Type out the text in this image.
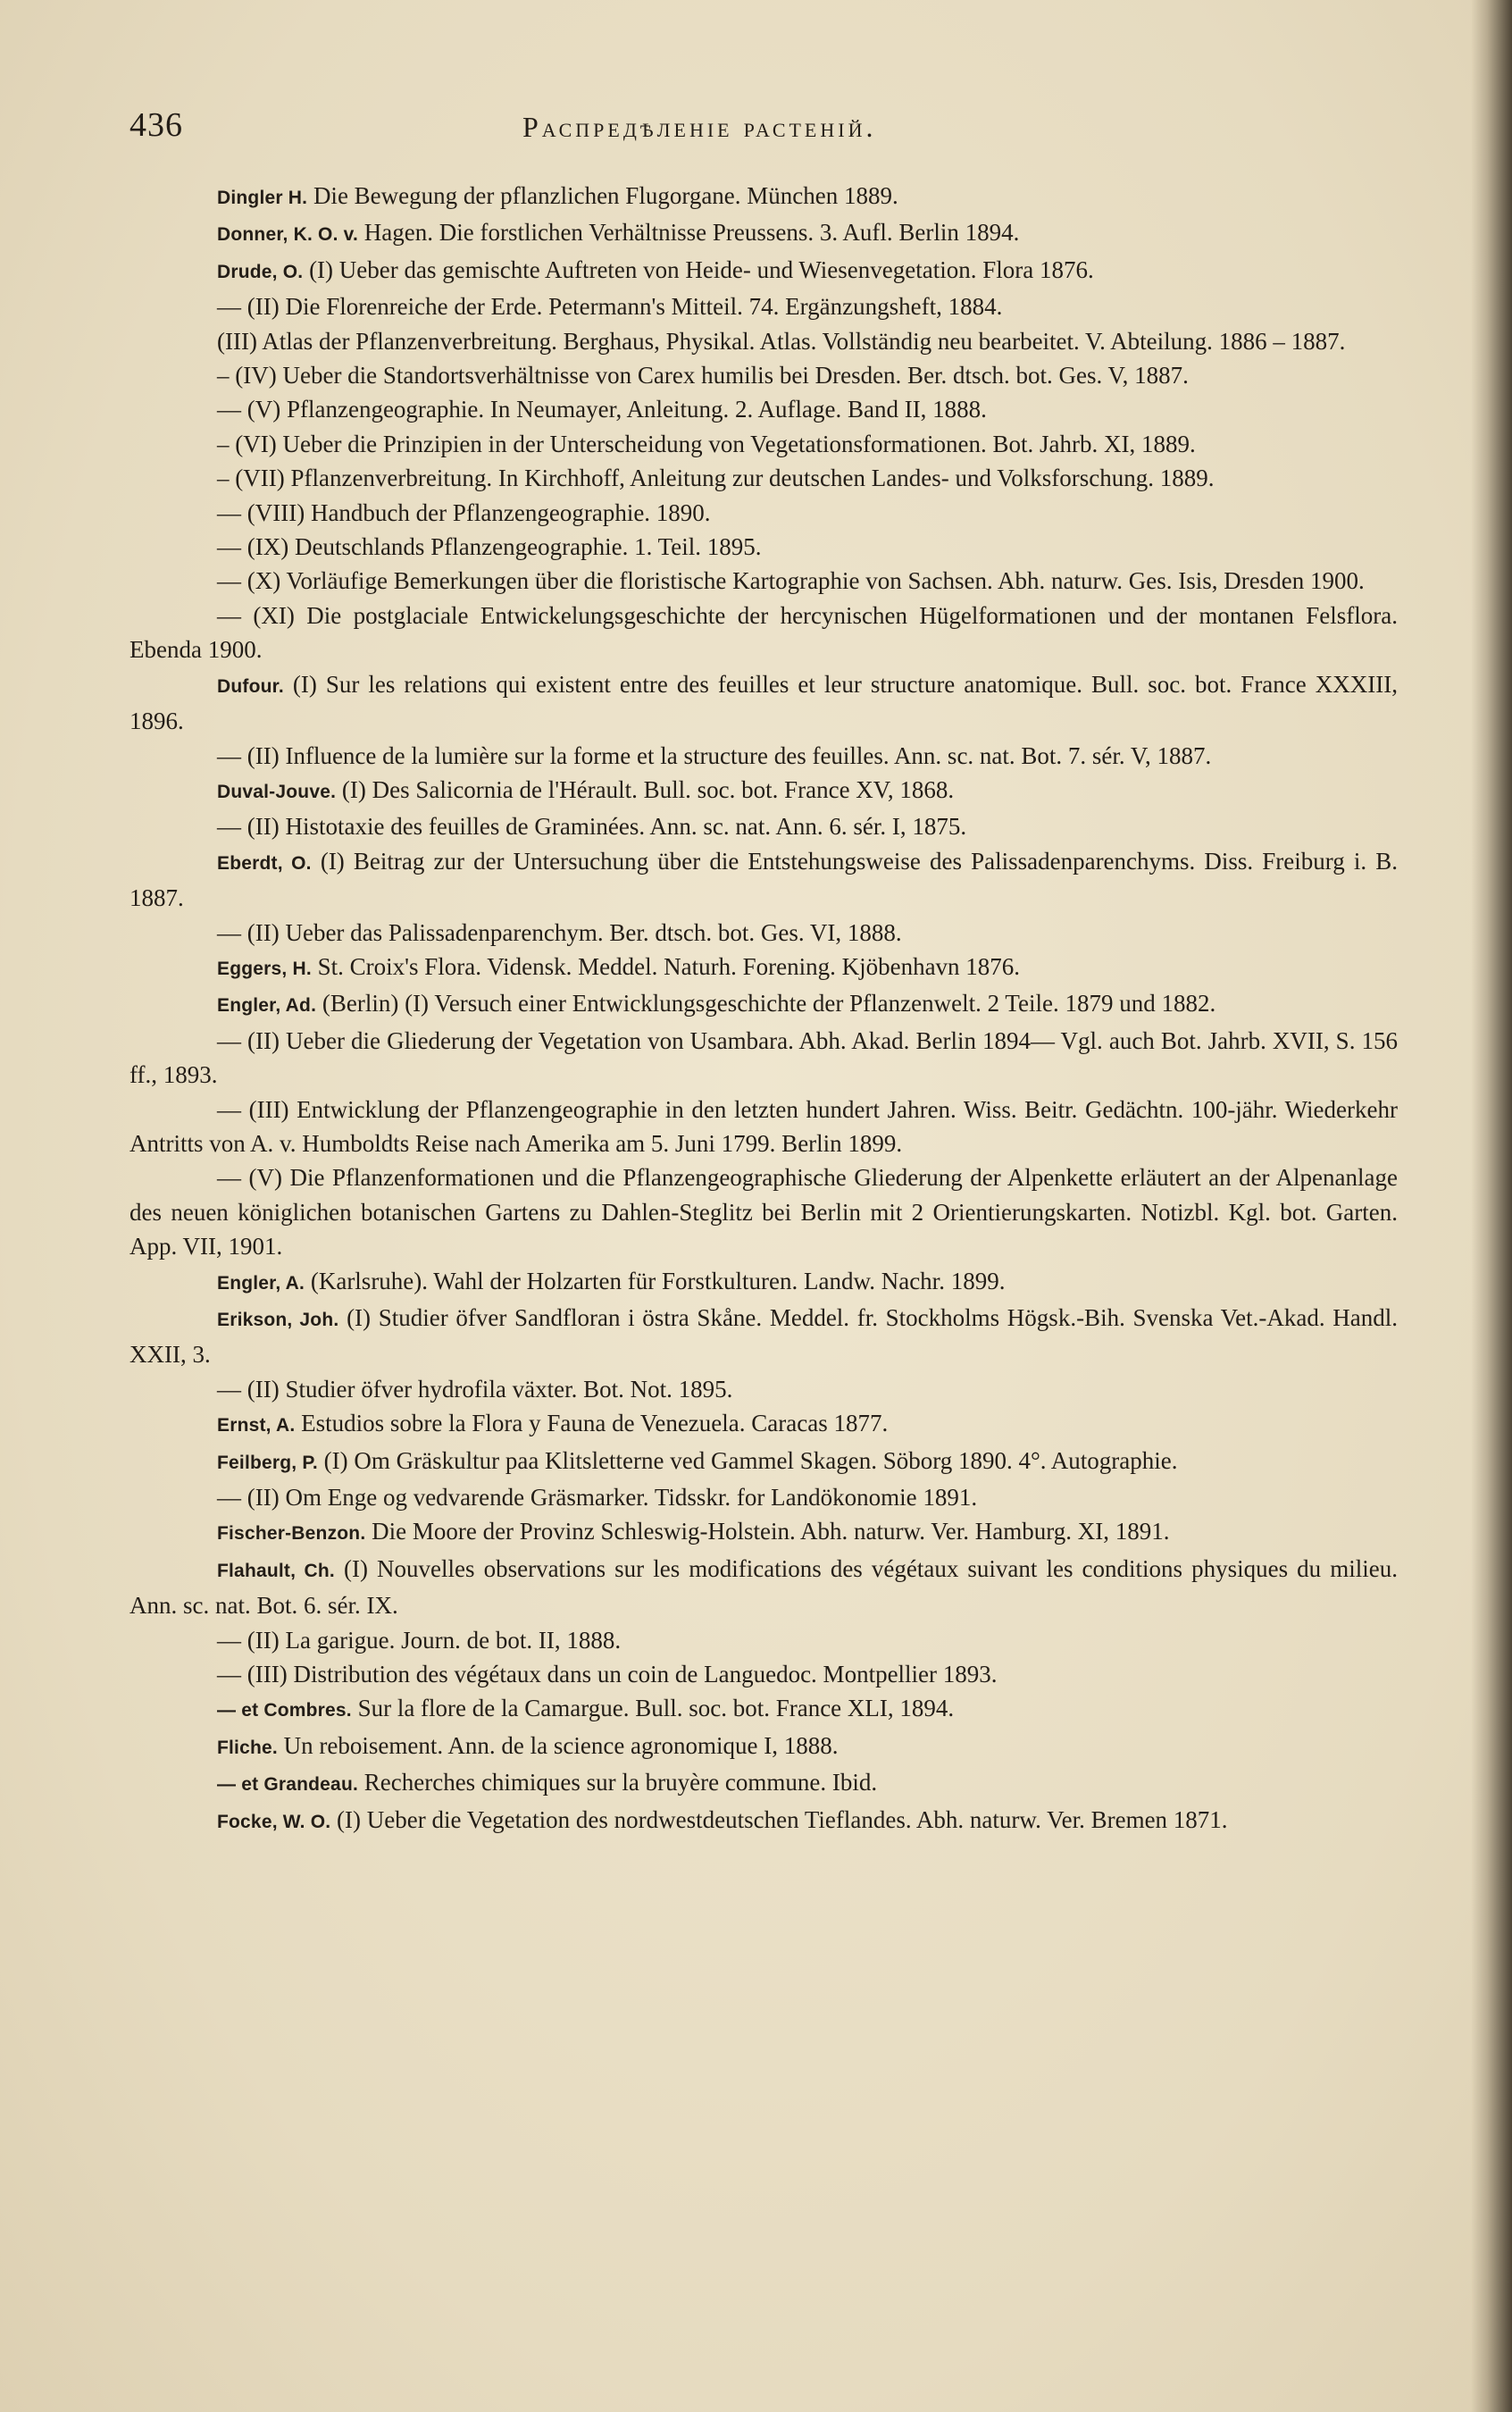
436	Распредѣленіе растеній.

Dingler H. Die Bewegung der pflanzlichen Flugorgane. München 1889.

Donner, K. O. v. Hagen. Die forstlichen Verhältnisse Preussens. 3. Aufl. Berlin 1894.

Drude, O. (I) Ueber das gemischte Auftreten von Heide- und Wiesenvegetation. Flora 1876.

— (II) Die Florenreiche der Erde. Petermann's Mitteil. 74. Ergänzungsheft, 1884.

(III) Atlas der Pflanzenverbreitung. Berghaus, Physikal. Atlas. Vollständig neu bearbeitet. V. Abteilung. 1886 – 1887.

– (IV) Ueber die Standortsverhältnisse von Carex humilis bei Dresden. Ber. dtsch. bot. Ges. V, 1887.

— (V) Pflanzengeographie. In Neumayer, Anleitung. 2. Auflage. Band II, 1888.

– (VI) Ueber die Prinzipien in der Unterscheidung von Vegetationsformationen. Bot. Jahrb. XI, 1889.

– (VII) Pflanzenverbreitung. In Kirchhoff, Anleitung zur deutschen Landes- und Volksforschung. 1889.

— (VIII) Handbuch der Pflanzengeographie. 1890.

— (IX) Deutschlands Pflanzengeographie. 1. Teil. 1895.

— (X) Vorläufige Bemerkungen über die floristische Kartographie von Sachsen. Abh. naturw. Ges. Isis, Dresden 1900.

— (XI) Die postglaciale Entwickelungsgeschichte der hercynischen Hügelformationen und der montanen Felsflora. Ebenda 1900.

Dufour. (I) Sur les relations qui existent entre des feuilles et leur structure anatomique. Bull. soc. bot. France XXXIII, 1896.

— (II) Influence de la lumière sur la forme et la structure des feuilles. Ann. sc. nat. Bot. 7. sér. V, 1887.

Duval-Jouve. (I) Des Salicornia de l'Hérault. Bull. soc. bot. France XV, 1868.

— (II) Histotaxie des feuilles de Graminées. Ann. sc. nat. Ann. 6. sér. I, 1875.

Eberdt, O. (I) Beitrag zur der Untersuchung über die Entstehungsweise des Palissadenparenchyms. Diss. Freiburg i. B. 1887.

— (II) Ueber das Palissadenparenchym. Ber. dtsch. bot. Ges. VI, 1888.

Eggers, H. St. Croix's Flora. Vidensk. Meddel. Naturh. Forening. Kjöbenhavn 1876.

Engler, Ad. (Berlin) (I) Versuch einer Entwicklungsgeschichte der Pflanzenwelt. 2 Teile. 1879 und 1882.

— (II) Ueber die Gliederung der Vegetation von Usambara. Abh. Akad. Berlin 1894— Vgl. auch Bot. Jahrb. XVII, S. 156 ff., 1893.

— (III) Entwicklung der Pflanzengeographie in den letzten hundert Jahren. Wiss. Beitr. Gedächtn. 100-jähr. Wiederkehr Antritts von A. v. Humboldts Reise nach Amerika am 5. Juni 1799. Berlin 1899.

— (V) Die Pflanzenformationen und die Pflanzengeographische Gliederung der Alpenkette erläutert an der Alpenanlage des neuen königlichen botanischen Gartens zu Dahlen-Steglitz bei Berlin mit 2 Orientierungskarten. Notizbl. Kgl. bot. Garten. App. VII, 1901.

Engler, A. (Karlsruhe). Wahl der Holzarten für Forstkulturen. Landw. Nachr. 1899.

Erikson, Joh. (I) Studier öfver Sandfloran i östra Skåne. Meddel. fr. Stockholms Högsk.-Bih. Svenska Vet.-Akad. Handl. XXII, 3.

— (II) Studier öfver hydrofila växter. Bot. Not. 1895.

Ernst, A. Estudios sobre la Flora y Fauna de Venezuela. Caracas 1877.

Feilberg, P. (I) Om Gräskultur paa Klitsletterne ved Gammel Skagen. Söborg 1890. 4°. Autographie.

— (II) Om Enge og vedvarende Gräsmarker. Tidsskr. for Landökonomie 1891.

Fischer-Benzon. Die Moore der Provinz Schleswig-Holstein. Abh. naturw. Ver. Hamburg. XI, 1891.

Flahault, Ch. (I) Nouvelles observations sur les modifications des végétaux suivant les conditions physiques du milieu. Ann. sc. nat. Bot. 6. sér. IX.

— (II) La garigue. Journ. de bot. II, 1888.

— (III) Distribution des végétaux dans un coin de Languedoc. Montpellier 1893.

— et Combres. Sur la flore de la Camargue. Bull. soc. bot. France XLI, 1894.

Fliche. Un reboisement. Ann. de la science agronomique I, 1888.

— et Grandeau. Recherches chimiques sur la bruyère commune. Ibid.

Focke, W. O. (I) Ueber die Vegetation des nordwestdeutschen Tieflandes. Abh. naturw. Ver. Bremen 1871.
